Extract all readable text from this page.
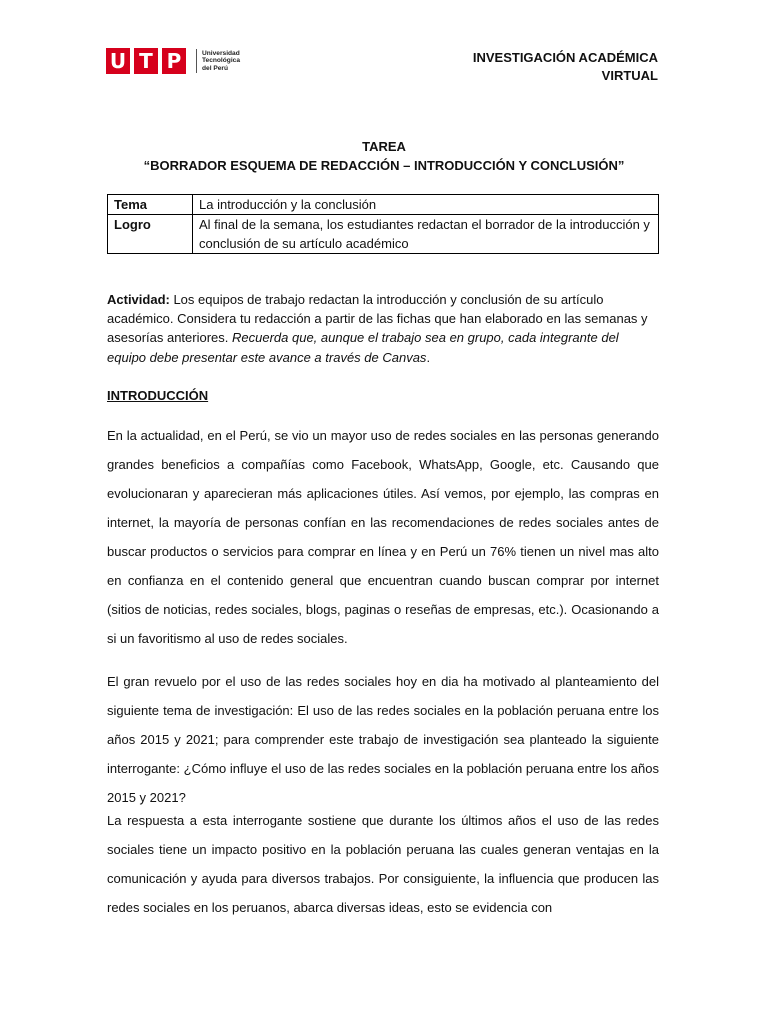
U T P	Universidad
Tecnológica
del Perú
INVESTIGACIÓN ACADÉMICA
VIRTUAL
TAREA
“BORRADOR ESQUEMA DE REDACCIÓN – INTRODUCCIÓN Y CONCLUSIÓN”
Tema	La introducción y la conclusión
Logro	Al final de la semana, los estudiantes redactan el borrador de la introducción y conclusión de su artículo académico
Actividad: Los equipos de trabajo redactan la introducción y conclusión de su artículo académico. Considera tu redacción a partir de las fichas que han elaborado en las semanas y asesorías anteriores. Recuerda que, aunque el trabajo sea en grupo, cada integrante del equipo debe presentar este avance a través de Canvas.
INTRODUCCIÓN

En la actualidad, en el Perú, se vio un mayor uso de redes sociales en las personas generando grandes beneficios a compañías como Facebook, WhatsApp, Google, etc. Causando que evolucionaran y aparecieran más aplicaciones útiles. Así vemos, por ejemplo, las compras en internet, la mayoría de personas confían en las recomendaciones de redes sociales antes de buscar productos o servicios para comprar en línea y en Perú un 76% tienen un nivel mas alto en confianza en el contenido general que encuentran cuando buscan comprar por internet (sitios de noticias, redes sociales, blogs, paginas o reseñas de empresas, etc.). Ocasionando a si un favoritismo al uso de redes sociales.

El gran revuelo por el uso de las redes sociales hoy en dia ha motivado al planteamiento del siguiente tema de investigación: El uso de las redes sociales en la población peruana entre los años 2015 y 2021; para comprender este trabajo de investigación sea planteado la siguiente interrogante: ¿Cómo influye el uso de las redes sociales en la población peruana entre los años 2015 y 2021?

La respuesta a esta interrogante sostiene que durante los últimos años el uso de las redes sociales tiene un impacto positivo en la población peruana las cuales generan ventajas en la comunicación y ayuda para diversos trabajos. Por consiguiente, la influencia que producen las redes sociales en los peruanos, abarca diversas ideas, esto se evidencia con
